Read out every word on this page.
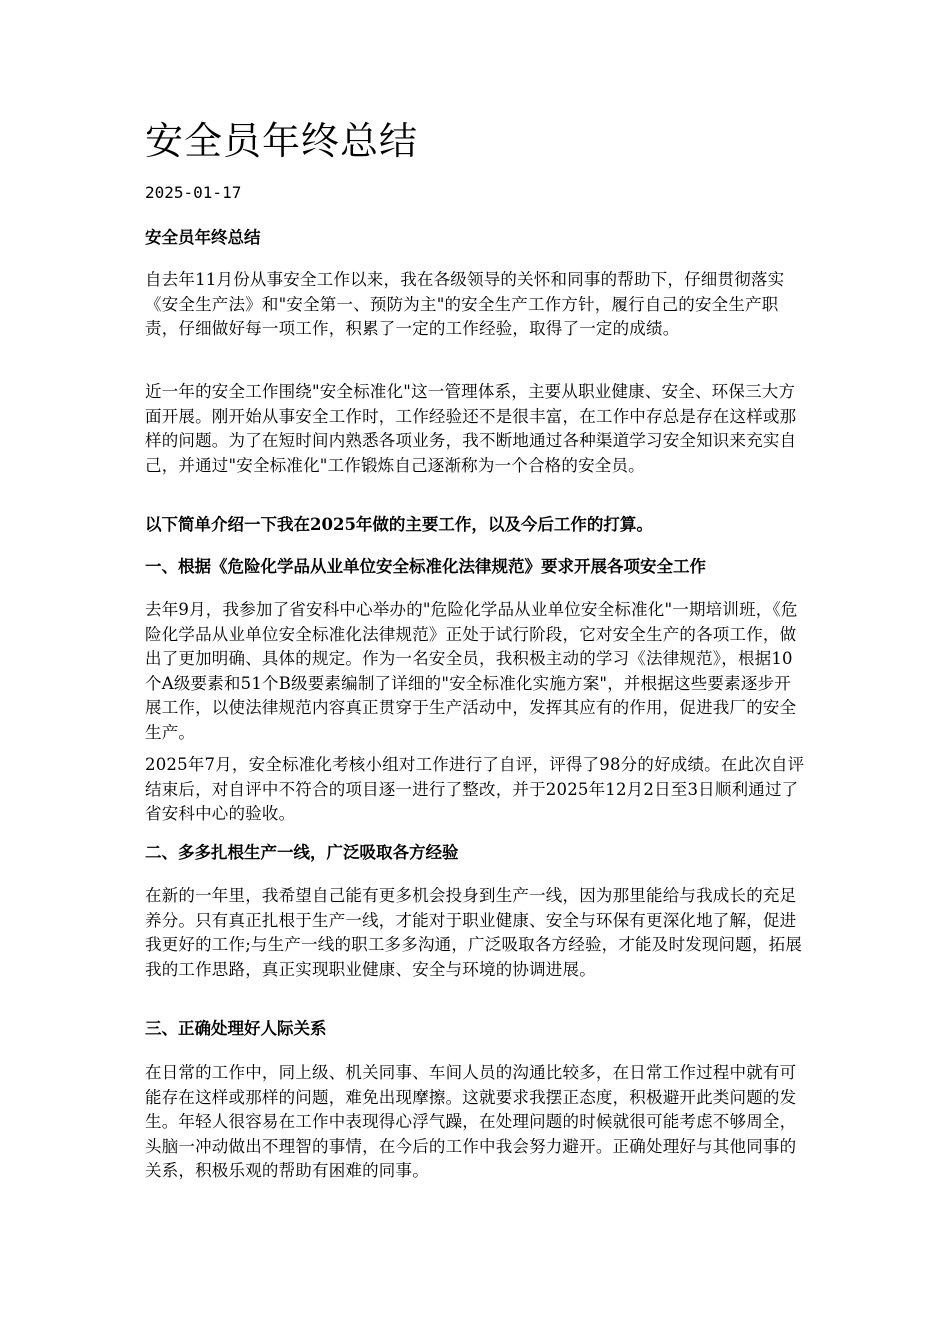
安全员年终总结
2025-01-17

安全员年终总结

自去年11月份从事安全工作以来，我在各级领导的关怀和同事的帮助下，仔细贯彻落实《安全生产法》和"安全第一、预防为主"的安全生产工作方针，履行自己的安全生产职责，仔细做好每一项工作，积累了一定的工作经验，取得了一定的成绩。

近一年的安全工作围绕"安全标准化"这一管理体系，主要从职业健康、安全、环保三大方面开展。刚开始从事安全工作时，工作经验还不是很丰富，在工作中存总是存在这样或那样的问题。为了在短时间内熟悉各项业务，我不断地通过各种渠道学习安全知识来充实自己，并通过"安全标准化"工作锻炼自己逐渐称为一个合格的安全员。

以下简单介绍一下我在2025年做的主要工作，以及今后工作的打算。

一、根据《危险化学品从业单位安全标准化法律规范》要求开展各项安全工作

去年9月，我参加了省安科中心举办的"危险化学品从业单位安全标准化"一期培训班，《危险化学品从业单位安全标准化法律规范》正处于试行阶段，它对安全生产的各项工作，做出了更加明确、具体的规定。作为一名安全员，我积极主动的学习《法律规范》，根据10个A级要素和51个B级要素编制了详细的"安全标准化实施方案"，并根据这些要素逐步开展工作，以使法律规范内容真正贯穿于生产活动中，发挥其应有的作用，促进我厂的安全生产。

2025年7月，安全标准化考核小组对工作进行了自评，评得了98分的好成绩。在此次自评结束后，对自评中不符合的项目逐一进行了整改，并于2025年12月2日至3日顺利通过了省安科中心的验收。

二、多多扎根生产一线，广泛吸取各方经验

在新的一年里，我希望自己能有更多机会投身到生产一线，因为那里能给与我成长的充足养分。只有真正扎根于生产一线，才能对于职业健康、安全与环保有更深化地了解，促进我更好的工作;与生产一线的职工多多沟通，广泛吸取各方经验，才能及时发现问题，拓展我的工作思路，真正实现职业健康、安全与环境的协调进展。

三、正确处理好人际关系

在日常的工作中，同上级、机关同事、车间人员的沟通比较多，在日常工作过程中就有可能存在这样或那样的问题，难免出现摩擦。这就要求我摆正态度，积极避开此类问题的发生。年轻人很容易在工作中表现得心浮气躁，在处理问题的时候就很可能考虑不够周全，头脑一冲动做出不理智的事情，在今后的工作中我会努力避开。正确处理好与其他同事的关系，积极乐观的帮助有困难的同事。
